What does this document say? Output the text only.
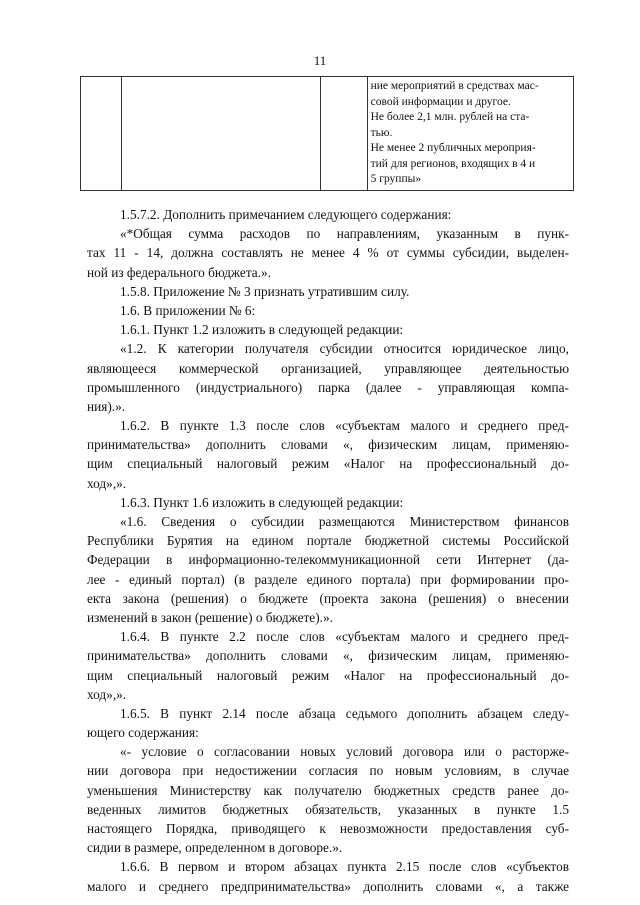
11

ние мероприятий в средствах мас-
совой информации и другое.
Не более 2,1 млн. рублей на ста-
тью.
Не менее 2 публичных мероприя-
тий для регионов, входящих в 4 и
5 группы»
1.5.7.2. Дополнить примечанием следующего содержания:
«*Общая сумма расходов по направлениям, указанным в пунк-
тах 11 - 14, должна составлять не менее 4 % от суммы субсидии, выделен-
ной из федерального бюджета.».
1.5.8. Приложение № 3 признать утратившим силу.
1.6. В приложении № 6:
1.6.1. Пункт 1.2 изложить в следующей редакции:
«1.2. К категории получателя субсидии относится юридическое лицо,
являющееся коммерческой организацией, управляющее деятельностью
промышленного (индустриального) парка (далее - управляющая компа-
ния).».
1.6.2. В пункте 1.3 после слов «субъектам малого и среднего пред-
принимательства» дополнить словами «, физическим лицам, применяю-
щим специальный налоговый режим «Налог на профессиональный до-
ход»,».
1.6.3. Пункт 1.6 изложить в следующей редакции:
«1.6. Сведения о субсидии размещаются Министерством финансов
Республики Бурятия на едином портале бюджетной системы Российской
Федерации в информационно-телекоммуникационной сети Интернет (да-
лее - единый портал) (в разделе единого портала) при формировании про-
екта закона (решения) о бюджете (проекта закона (решения) о внесении
изменений в закон (решение) о бюджете).».
1.6.4. В пункте 2.2 после слов «субъектам малого и среднего пред-
принимательства» дополнить словами «, физическим лицам, применяю-
щим специальный налоговый режим «Налог на профессиональный до-
ход»,».
1.6.5. В пункт 2.14 после абзаца седьмого дополнить абзацем следу-
ющего содержания:
«- условие о согласовании новых условий договора или о расторже-
нии договора при недостижении согласия по новым условиям, в случае
уменьшения Министерству как получателю бюджетных средств ранее до-
веденных лимитов бюджетных обязательств, указанных в пункте 1.5
настоящего Порядка, приводящего к невозможности предоставления суб-
сидии в размере, определенном в договоре.».
1.6.6. В первом и втором абзацах пункта 2.15 после слов «субъектов
малого и среднего предпринимательства» дополнить словами «, а также
